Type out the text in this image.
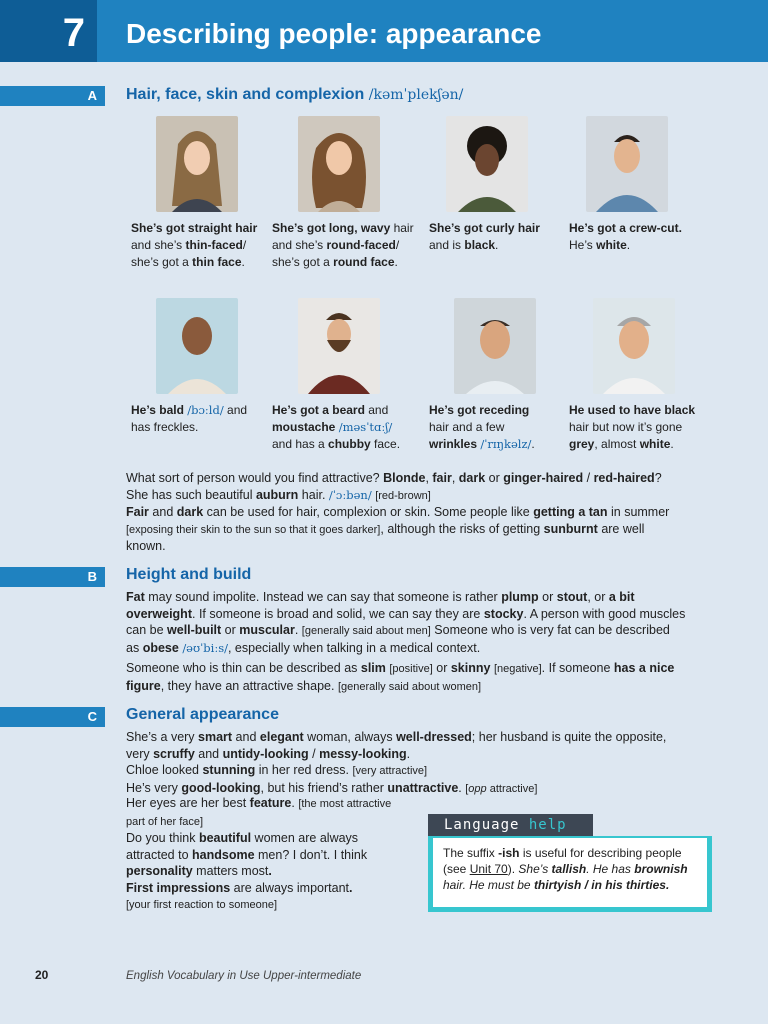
7	Describing people: appearance
A	Hair, face, skin and complexion /kəmˈplekʃən/
She’s got straight hair
and she’s thin-faced/
she’s got a thin face.
She’s got long, wavy hair
and she’s round-faced/
she’s got a round face.
She’s got curly hair
and is black.
He’s got a crew-cut.
He’s white.
He’s bald /bɔːld/ and
has freckles.
He’s got a beard and
moustache /məsˈtɑːʃ/
and has a chubby face.
He’s got receding
hair and a few
wrinkles /ˈrɪŋkəlz/.
He used to have black
hair but now it’s gone
grey, almost white.
What sort of person would you find attractive? Blonde, fair, dark or ginger-haired / red-haired?
She has such beautiful auburn hair. /ˈɔːbən/ [red-brown]
Fair and dark can be used for hair, complexion or skin. Some people like getting a tan in summer
[exposing their skin to the sun so that it goes darker], although the risks of getting sunburnt are well
known.
B	Height and build
Fat may sound impolite. Instead we can say that someone is rather plump or stout, or a bit
overweight. If someone is broad and solid, we can say they are stocky. A person with good muscles
can be well-built or muscular. [generally said about men] Someone who is very fat can be described
as obese /əʊˈbiːs/, especially when talking in a medical context.
Someone who is thin can be described as slim [positive] or skinny [negative]. If someone has a nice
figure, they have an attractive shape. [generally said about women]
C	General appearance
She’s a very smart and elegant woman, always well-dressed; her husband is quite the opposite,
very scruffy and untidy-looking / messy-looking.
Chloe looked stunning in her red dress. [very attractive]
He’s very good-looking, but his friend’s rather unattractive. [opp attractive]
Her eyes are her best feature. [the most attractive
part of her face]
Do you think beautiful women are always
attracted to handsome men? I don’t. I think
personality matters most.
First impressions are always important.
[your first reaction to someone]
Language help
The suffix -ish is useful for describing people
(see Unit 70). She’s tallish. He has brownish
hair. He must be thirtyish / in his thirties.
20	English Vocabulary in Use Upper-intermediate
